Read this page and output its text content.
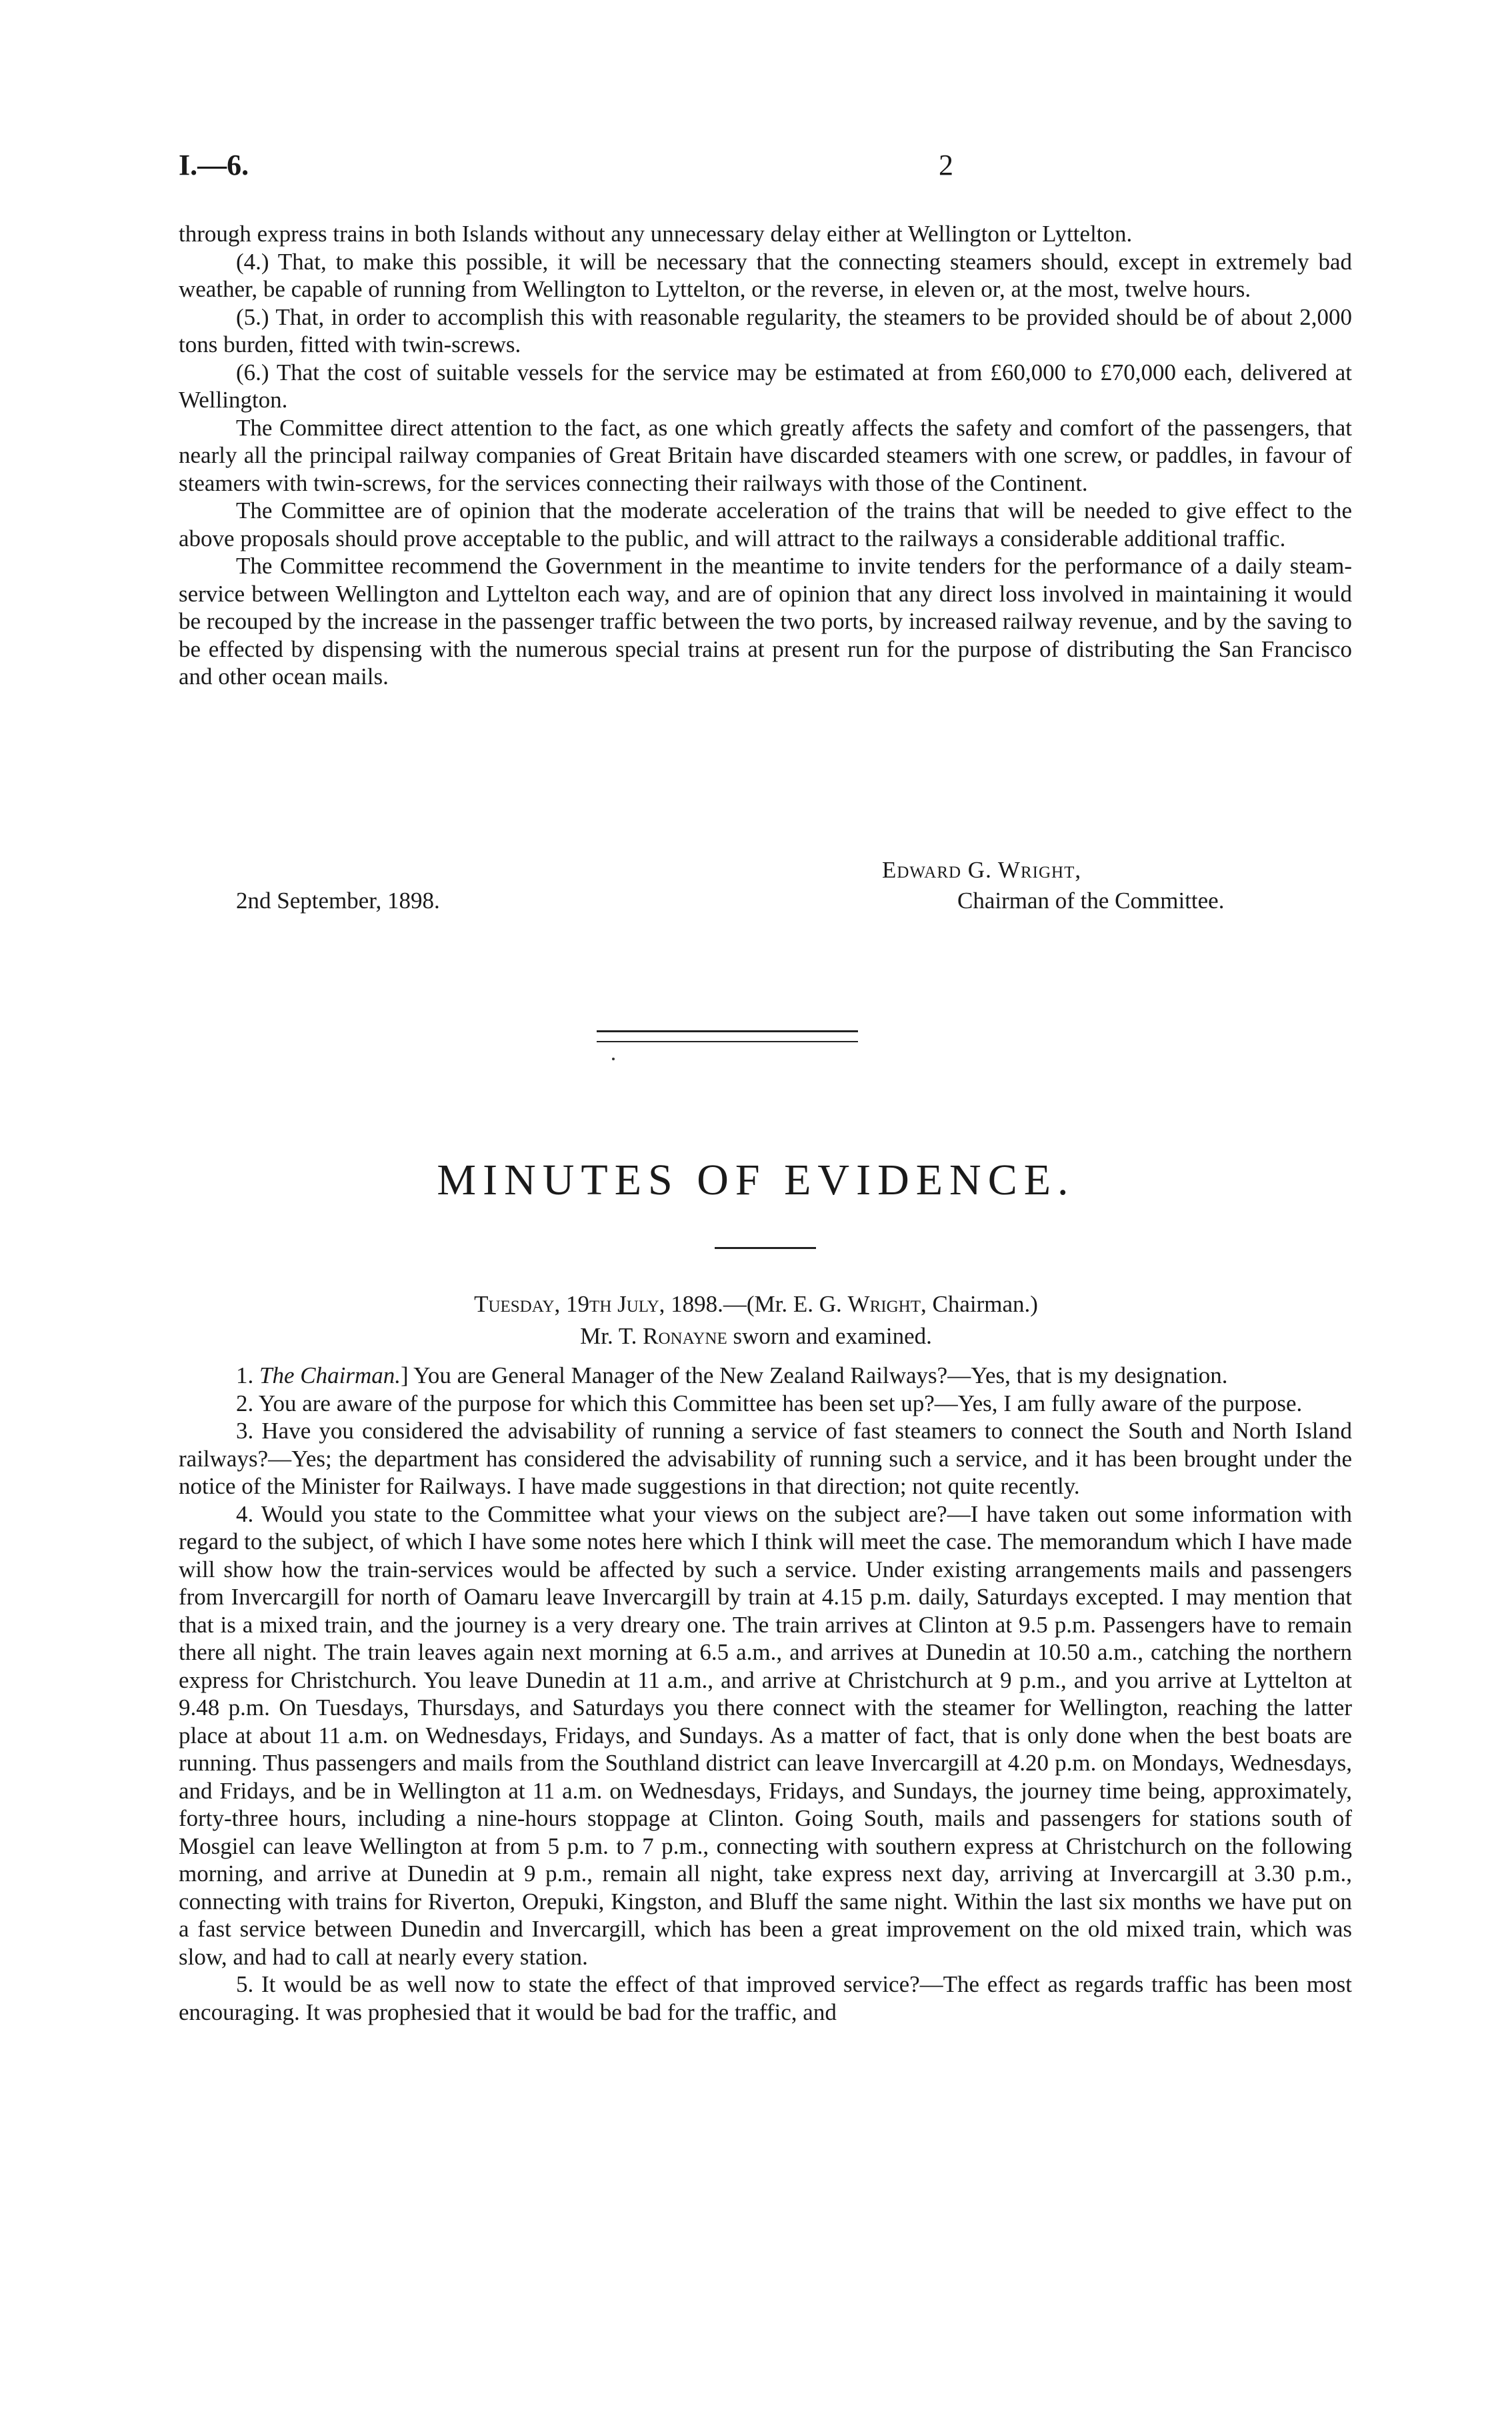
I.—6.	2

through express trains in both Islands without any unnecessary delay either at Wellington or Lyttelton.

(4.) That, to make this possible, it will be necessary that the connecting steamers should, except in extremely bad weather, be capable of running from Wellington to Lyttelton, or the reverse, in eleven or, at the most, twelve hours.

(5.) That, in order to accomplish this with reasonable regularity, the steamers to be provided should be of about 2,000 tons burden, fitted with twin-screws.

(6.) That the cost of suitable vessels for the service may be estimated at from £60,000 to £70,000 each, delivered at Wellington.

The Committee direct attention to the fact, as one which greatly affects the safety and comfort of the passengers, that nearly all the principal railway companies of Great Britain have discarded steamers with one screw, or paddles, in favour of steamers with twin-screws, for the services connecting their railways with those of the Continent.

The Committee are of opinion that the moderate acceleration of the trains that will be needed to give effect to the above proposals should prove acceptable to the public, and will attract to the railways a considerable additional traffic.

The Committee recommend the Government in the meantime to invite tenders for the performance of a daily steam-service between Wellington and Lyttelton each way, and are of opinion that any direct loss involved in maintaining it would be recouped by the increase in the passenger traffic between the two ports, by increased railway revenue, and by the saving to be effected by dispensing with the numerous special trains at present run for the purpose of distributing the San Francisco and other ocean mails.

Edward G. Wright,
2nd September, 1898.	Chairman of the Committee.
MINUTES OF EVIDENCE.
Tuesday, 19th July, 1898.—(Mr. E. G. Wright, Chairman.)
Mr. T. Ronayne sworn and examined.

1. The Chairman.] You are General Manager of the New Zealand Railways?—Yes, that is my designation.

2. You are aware of the purpose for which this Committee has been set up?—Yes, I am fully aware of the purpose.

3. Have you considered the advisability of running a service of fast steamers to connect the South and North Island railways?—Yes; the department has considered the advisability of running such a service, and it has been brought under the notice of the Minister for Railways. I have made suggestions in that direction; not quite recently.

4. Would you state to the Committee what your views on the subject are?—I have taken out some information with regard to the subject, of which I have some notes here which I think will meet the case. The memorandum which I have made will show how the train-services would be affected by such a service. Under existing arrangements mails and passengers from Invercargill for north of Oamaru leave Invercargill by train at 4.15 p.m. daily, Saturdays excepted. I may mention that that is a mixed train, and the journey is a very dreary one. The train arrives at Clinton at 9.5 p.m. Passengers have to remain there all night. The train leaves again next morning at 6.5 a.m., and arrives at Dunedin at 10.50 a.m., catching the northern express for Christchurch. You leave Dunedin at 11 a.m., and arrive at Christchurch at 9 p.m., and you arrive at Lyttelton at 9.48 p.m. On Tuesdays, Thursdays, and Saturdays you there connect with the steamer for Wellington, reaching the latter place at about 11 a.m. on Wednesdays, Fridays, and Sundays. As a matter of fact, that is only done when the best boats are running. Thus passengers and mails from the Southland district can leave Invercargill at 4.20 p.m. on Mondays, Wednesdays, and Fridays, and be in Wellington at 11 a.m. on Wednesdays, Fridays, and Sundays, the journey time being, approximately, forty-three hours, including a nine-hours stoppage at Clinton. Going South, mails and passengers for stations south of Mosgiel can leave Wellington at from 5 p.m. to 7 p.m., connecting with southern express at Christchurch on the following morning, and arrive at Dunedin at 9 p.m., remain all night, take express next day, arriving at Invercargill at 3.30 p.m., connecting with trains for Riverton, Orepuki, Kingston, and Bluff the same night. Within the last six months we have put on a fast service between Dunedin and Invercargill, which has been a great improvement on the old mixed train, which was slow, and had to call at nearly every station.

5. It would be as well now to state the effect of that improved service?—The effect as regards traffic has been most encouraging. It was prophesied that it would be bad for the traffic, and
